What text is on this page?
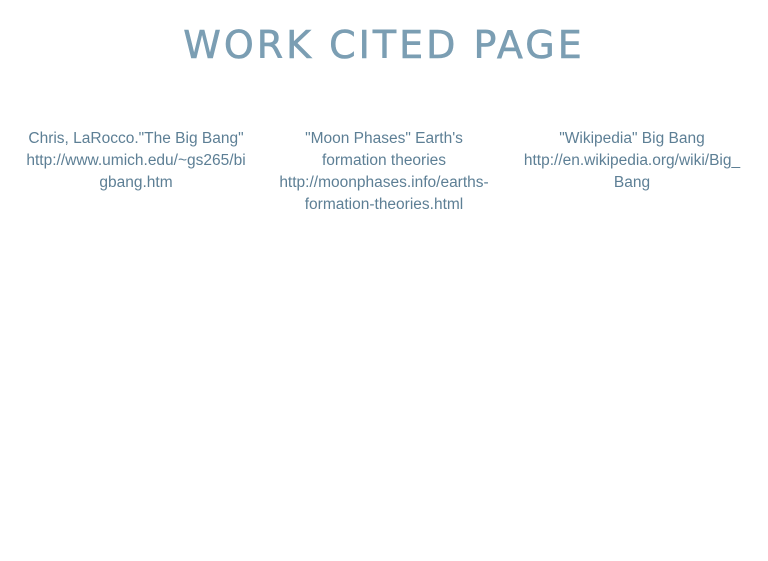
WORK CITED PAGE
Chris, LaRocco."The Big Bang"
http://www.umich.edu/~gs265/bigbang.htm
"Moon Phases" Earth's formation theories
http://moonphases.info/earths-formation-theories.html
"Wikipedia" Big Bang
http://en.wikipedia.org/wiki/Big_Bang
